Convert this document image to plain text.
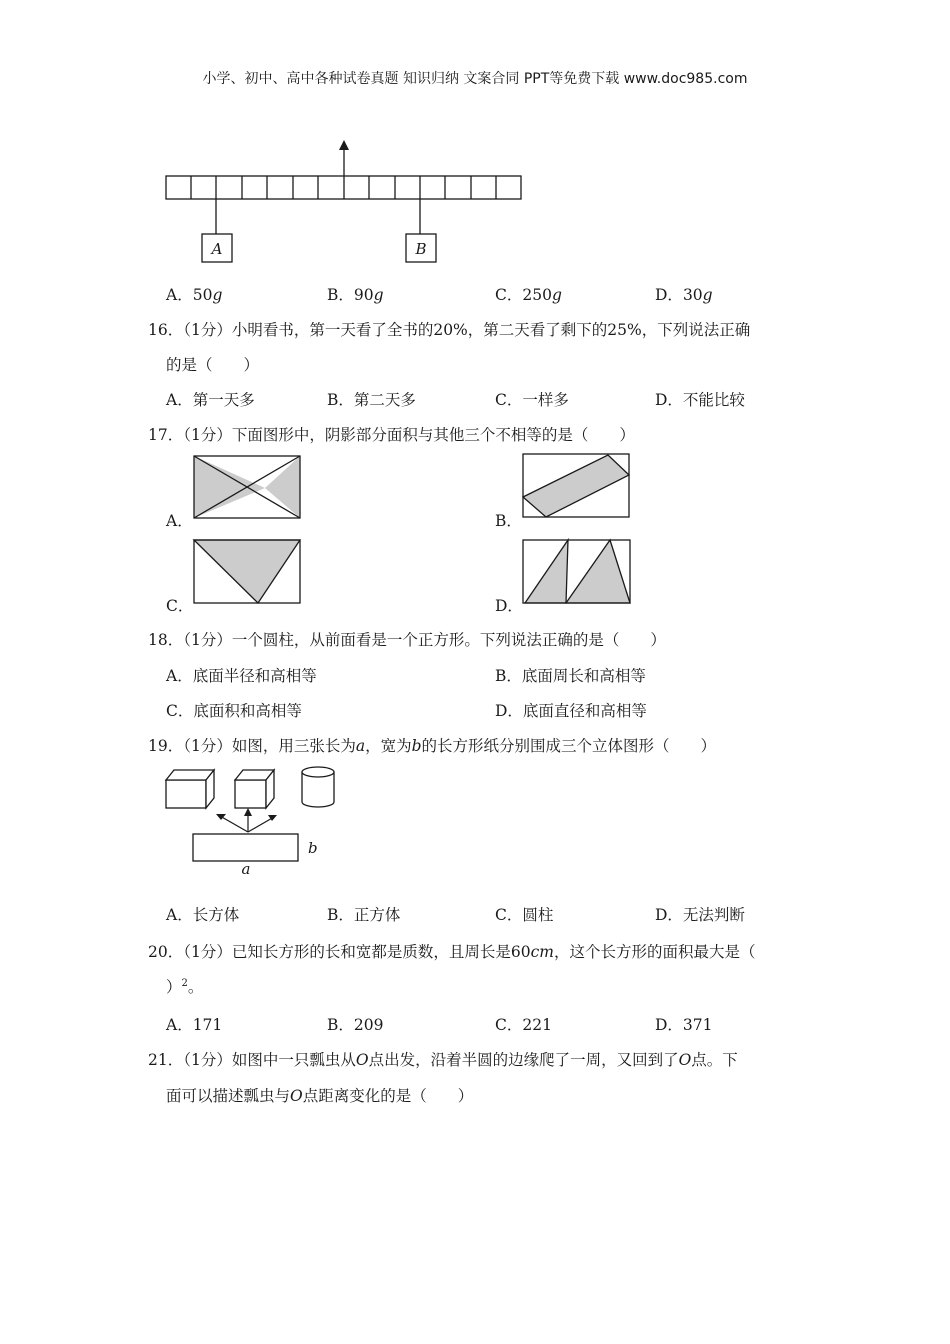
小学、初中、高中各种试卷真题 知识归纳 文案合同 PPT等免费下载 www.doc985.com
A	B
A．50g	B．90g	C．250g	D．30g
16．（1分）小明看书，第一天看了全书的20%，第二天看了剩下的25%，下列说法正确
的是（　　）
A．第一天多	B．第二天多	C．一样多	D．不能比较
17．（1分）下面图形中，阴影部分面积与其他三个不相等的是（　　）
A．	B．
C．	D．
18．（1分）一个圆柱，从前面看是一个正方形。下列说法正确的是（　　）
A．底面半径和高相等	B．底面周长和高相等
C．底面积和高相等	D．底面直径和高相等
19．（1分）如图，用三张长为a，宽为b的长方形纸分别围成三个立体图形（　　）
a
b
A．长方体	B．正方体	C．圆柱	D．无法判断
20．（1分）已知长方形的长和宽都是质数，且周长是60cm，这个长方形的面积最大是（
）$^2$。
A．171	B．209	C．221	D．371
21．（1分）如图中一只瓢虫从O点出发，沿着半圆的边缘爬了一周，又回到了O点。下
面可以描述瓢虫与O点距离变化的是（　　）
